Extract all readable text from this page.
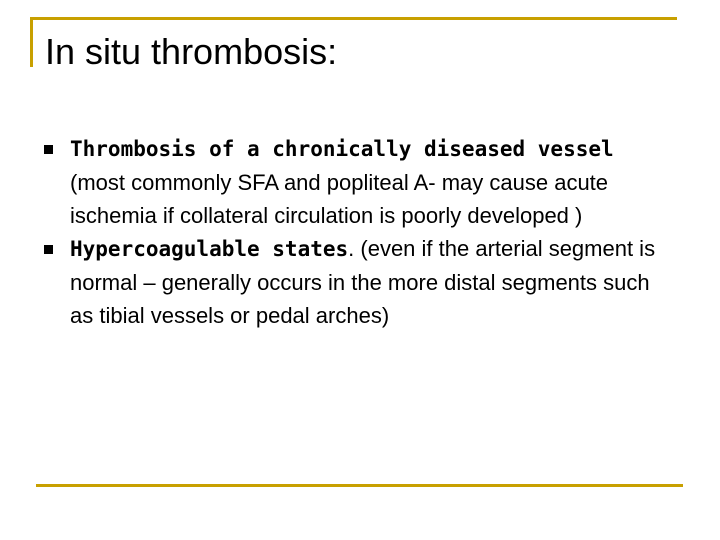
In situ thrombosis:
Thrombosis of a chronically diseased vessel (most commonly SFA and popliteal A- may cause acute ischemia if collateral circulation is poorly developed )
Hypercoagulable states. (even if the arterial segment is normal – generally occurs in the more distal segments such as tibial vessels or pedal arches)
